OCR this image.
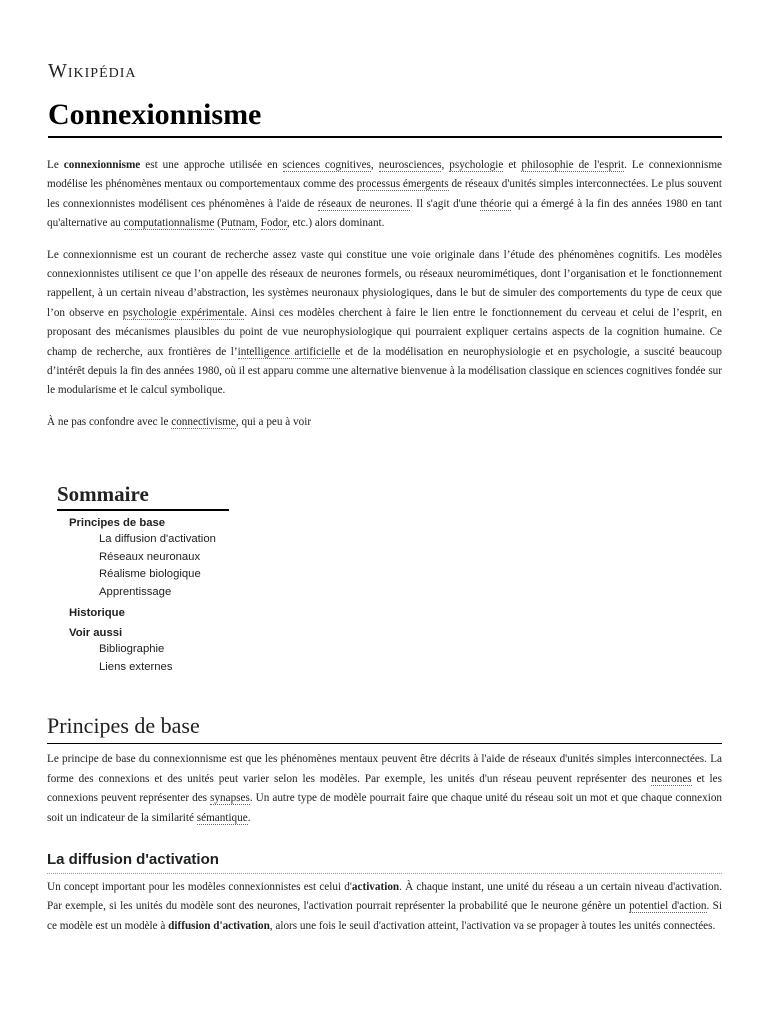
Wikipédia
Connexionnisme

Le connexionnisme est une approche utilisée en sciences cognitives, neurosciences, psychologie et philosophie de l'esprit. Le connexionnisme modélise les phénomènes mentaux ou comportementaux comme des processus émergents de réseaux d'unités simples interconnectées. Le plus souvent les connexionnistes modélisent ces phénomènes à l'aide de réseaux de neurones. Il s'agit d'une théorie qui a émergé à la fin des années 1980 en tant qu'alternative au computationnalisme (Putnam, Fodor, etc.) alors dominant.

Le connexionnisme est un courant de recherche assez vaste qui constitue une voie originale dans l’étude des phénomènes cognitifs. Les modèles connexionnistes utilisent ce que l’on appelle des réseaux de neurones formels, ou réseaux neuromimétiques, dont l’organisation et le fonctionnement rappellent, à un certain niveau d’abstraction, les systèmes neuronaux physiologiques, dans le but de simuler des comportements du type de ceux que l’on observe en psychologie expérimentale. Ainsi ces modèles cherchent à faire le lien entre le fonctionnement du cerveau et celui de l’esprit, en proposant des mécanismes plausibles du point de vue neurophysiologique qui pourraient expliquer certains aspects de la cognition humaine. Ce champ de recherche, aux frontières de l’intelligence artificielle et de la modélisation en neurophysiologie et en psychologie, a suscité beaucoup d’intérêt depuis la fin des années 1980, où il est apparu comme une alternative bienvenue à la modélisation classique en sciences cognitives fondée sur le modularisme et le calcul symbolique.

À ne pas confondre avec le connectivisme, qui a peu à voir

Sommaire
Principes de base
La diffusion d'activation
Réseaux neuronaux
Réalisme biologique
Apprentissage
Historique
Voir aussi
Bibliographie
Liens externes
Principes de base

Le principe de base du connexionnisme est que les phénomènes mentaux peuvent être décrits à l'aide de réseaux d'unités simples interconnectées. La forme des connexions et des unités peut varier selon les modèles. Par exemple, les unités d'un réseau peuvent représenter des neurones et les connexions peuvent représenter des synapses. Un autre type de modèle pourrait faire que chaque unité du réseau soit un mot et que chaque connexion soit un indicateur de la similarité sémantique.

La diffusion d'activation

Un concept important pour les modèles connexionnistes est celui d'activation. À chaque instant, une unité du réseau a un certain niveau d'activation. Par exemple, si les unités du modèle sont des neurones, l'activation pourrait représenter la probabilité que le neurone génère un potentiel d'action. Si ce modèle est un modèle à diffusion d'activation, alors une fois le seuil d'activation atteint, l'activation va se propager à toutes les unités connectées.
